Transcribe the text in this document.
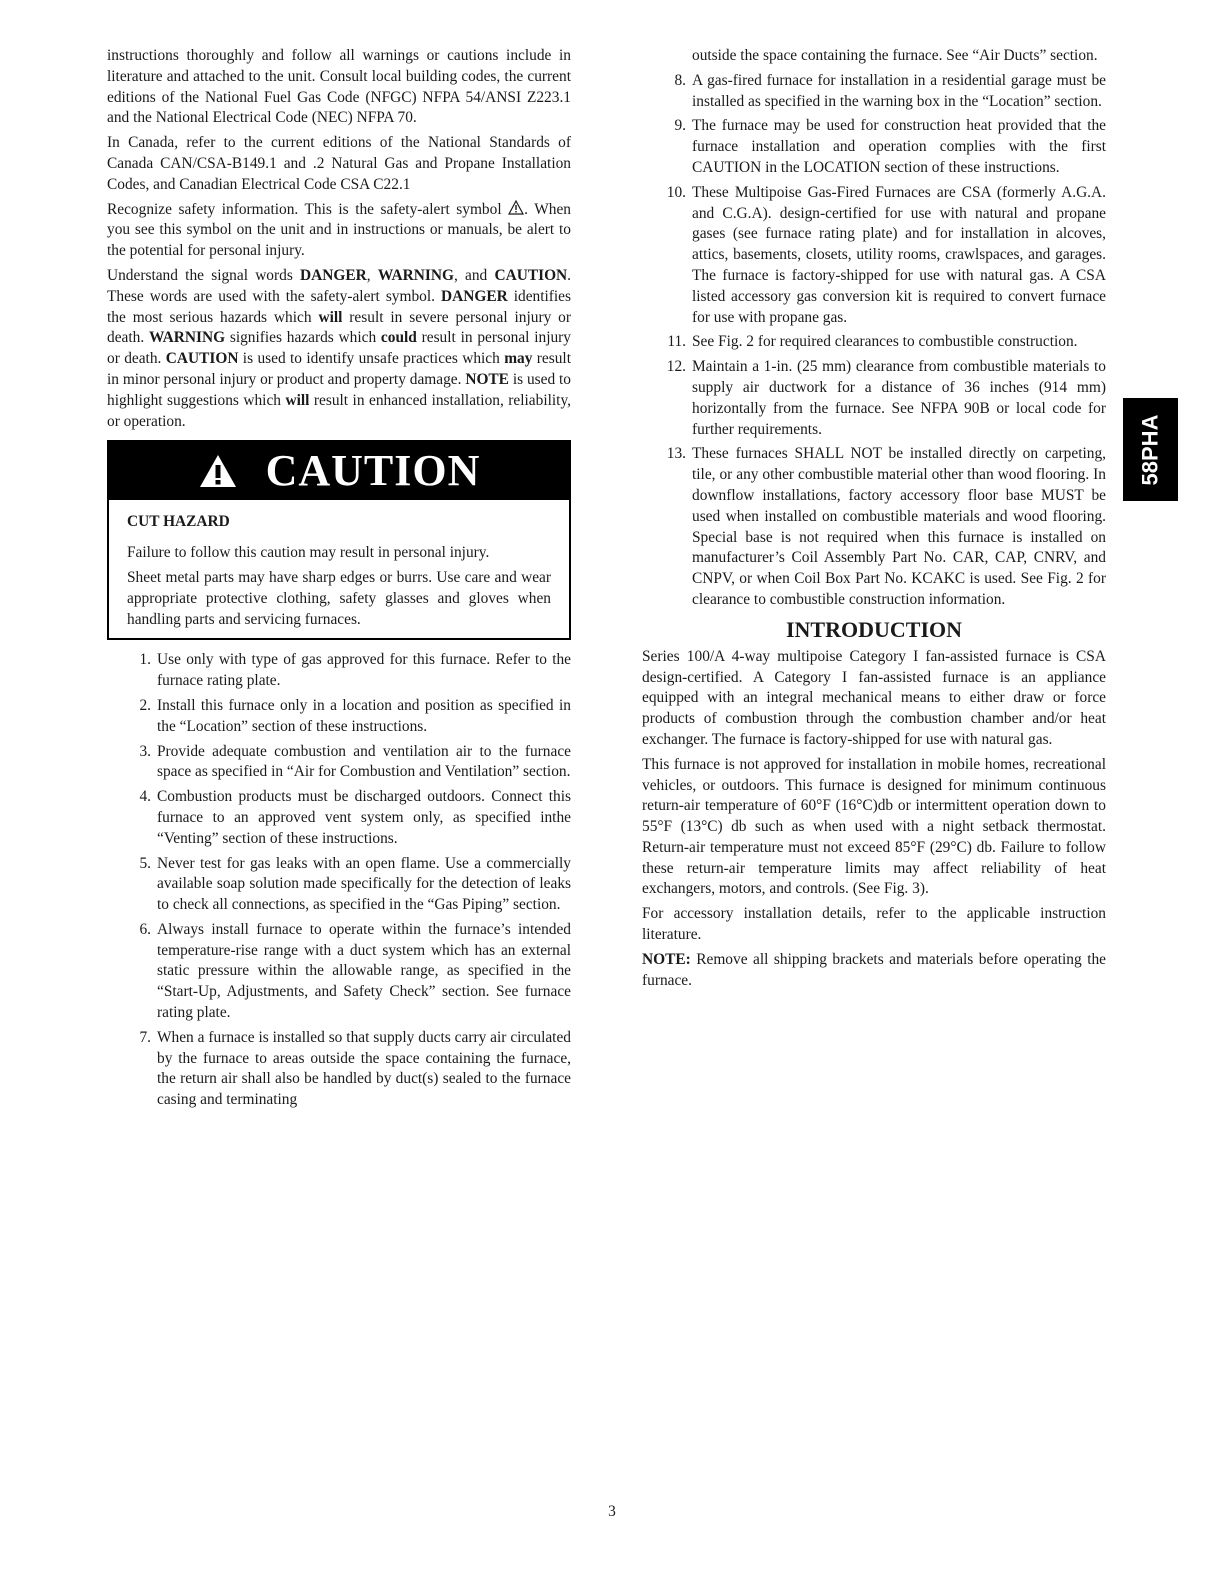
instructions thoroughly and follow all warnings or cautions include in literature and attached to the unit. Consult local building codes, the current editions of the National Fuel Gas Code (NFGC) NFPA 54/ANSI Z223.1 and the National Electrical Code (NEC) NFPA 70.

In Canada, refer to the current editions of the National Standards of Canada CAN/CSA-B149.1 and .2 Natural Gas and Propane Installation Codes, and Canadian Electrical Code CSA C22.1

Recognize safety information. This is the safety-alert symbol . When you see this symbol on the unit and in instructions or manuals, be alert to the potential for personal injury.

Understand the signal words DANGER, WARNING, and CAUTION. These words are used with the safety-alert symbol. DANGER identifies the most serious hazards which will result in severe personal injury or death. WARNING signifies hazards which could result in personal injury or death. CAUTION is used to identify unsafe practices which may result in minor personal injury or product and property damage. NOTE is used to highlight suggestions which will result in enhanced installation, reliability, or operation.

CAUTION
CUT HAZARD

Failure to follow this caution may result in personal injury.

Sheet metal parts may have sharp edges or burrs. Use care and wear appropriate protective clothing, safety glasses and gloves when handling parts and servicing furnaces.

1. Use only with type of gas approved for this furnace. Refer to the furnace rating plate.
2. Install this furnace only in a location and position as specified in the “Location” section of these instructions.
3. Provide adequate combustion and ventilation air to the furnace space as specified in “Air for Combustion and Ventilation” section.
4. Combustion products must be discharged outdoors. Connect this furnace to an approved vent system only, as specified inthe “Venting” section of these instructions.
5. Never test for gas leaks with an open flame. Use a commercially available soap solution made specifically for the detection of leaks to check all connections, as specified in the “Gas Piping” section.
6. Always install furnace to operate within the furnace’s intended temperature-rise range with a duct system which has an external static pressure within the allowable range, as specified in the “Start-Up, Adjustments, and Safety Check” section. See furnace rating plate.
7. When a furnace is installed so that supply ducts carry air circulated by the furnace to areas outside the space containing the furnace, the return air shall also be handled by duct(s) sealed to the furnace casing and terminating
outside the space containing the furnace. See “Air Ducts” section.
8. A gas-fired furnace for installation in a residential garage must be installed as specified in the warning box in the “Location” section.
9. The furnace may be used for construction heat provided that the furnace installation and operation complies with the first CAUTION in the LOCATION section of these instructions.
10. These Multipoise Gas-Fired Furnaces are CSA (formerly A.G.A. and C.G.A). design-certified for use with natural and propane gases (see furnace rating plate) and for installation in alcoves, attics, basements, closets, utility rooms, crawlspaces, and garages. The furnace is factory-shipped for use with natural gas. A CSA listed accessory gas conversion kit is required to convert furnace for use with propane gas.
11. See Fig. 2 for required clearances to combustible construction.
12. Maintain a 1-in. (25 mm) clearance from combustible materials to supply air ductwork for a distance of 36 inches (914 mm) horizontally from the furnace. See NFPA 90B or local code for further requirements.
13. These furnaces SHALL NOT be installed directly on carpeting, tile, or any other combustible material other than wood flooring. In downflow installations, factory accessory floor base MUST be used when installed on combustible materials and wood flooring. Special base is not required when this furnace is installed on manufacturer’s Coil Assembly Part No. CAR, CAP, CNRV, and CNPV, or when Coil Box Part No. KCAKC is used. See Fig. 2 for clearance to combustible construction information.
INTRODUCTION

Series 100/A 4-way multipoise Category I fan-assisted furnace is CSA design-certified. A Category I fan-assisted furnace is an appliance equipped with an integral mechanical means to either draw or force products of combustion through the combustion chamber and/or heat exchanger. The furnace is factory-shipped for use with natural gas.

This furnace is not approved for installation in mobile homes, recreational vehicles, or outdoors. This furnace is designed for minimum continuous return-air temperature of 60°F (16°C)db or intermittent operation down to 55°F (13°C) db such as when used with a night setback thermostat. Return-air temperature must not exceed 85°F (29°C) db. Failure to follow these return-air temperature limits may affect reliability of heat exchangers, motors, and controls. (See Fig. 3).

For accessory installation details, refer to the applicable instruction literature.

NOTE: Remove all shipping brackets and materials before operating the furnace.

58PHA
3
